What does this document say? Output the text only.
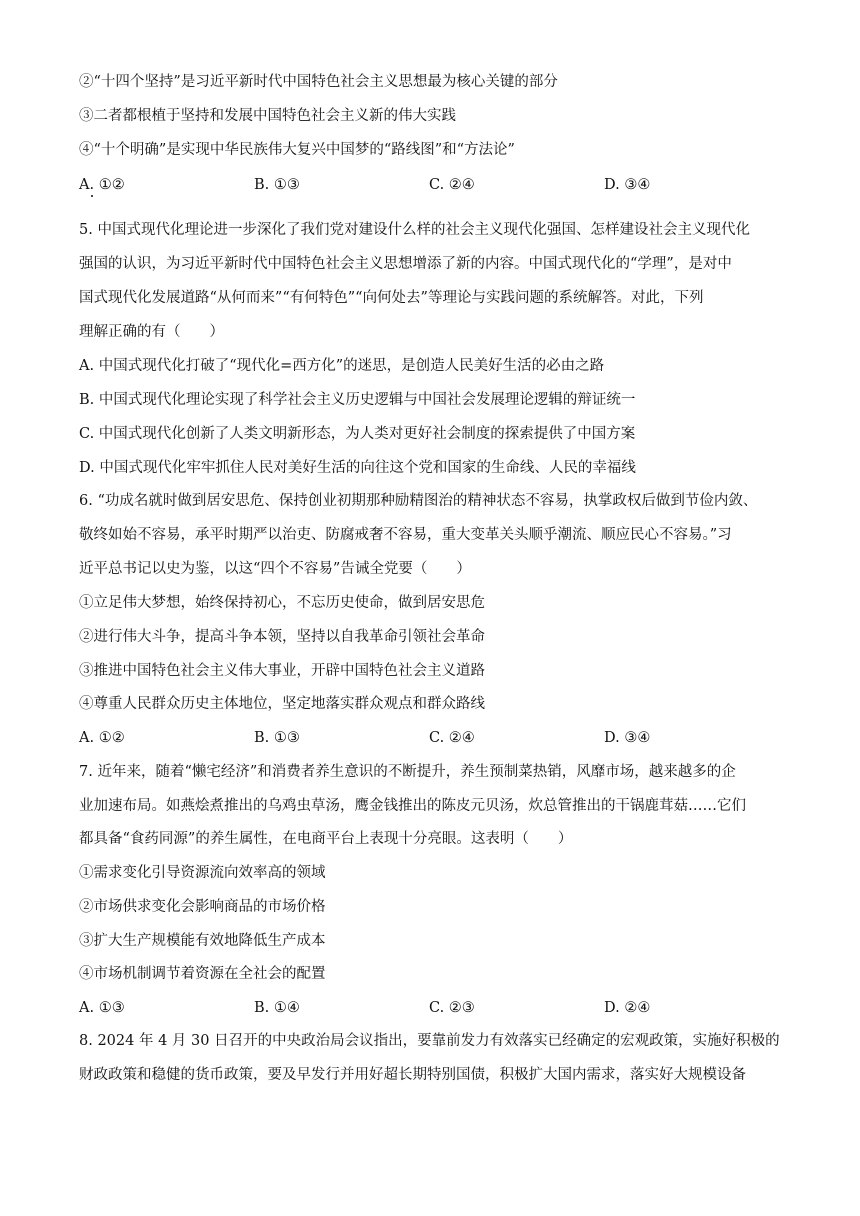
②“十四个坚持”是习近平新时代中国特色社会主义思想最为核心关键的部分
③二者都根植于坚持和发展中国特色社会主义新的伟大实践
④“十个明确”是实现中华民族伟大复兴中国梦的“路线图”和“方法论”
A. ①②	B. ①③	C. ②④	D. ③④
5. 中国式现代化理论进一步深化了我们党对建设什么样的社会主义现代化强国、怎样建设社会主义现代化
强国的认识，为习近平新时代中国特色社会主义思想增添了新的内容。中国式现代化的“学理”，是对中
国式现代化发展道路“从何而来”“有何特色”“向何处去”等理论与实践问题的系统解答。对此，下列
理解正确的有（　　）
A. 中国式现代化打破了“现代化=西方化”的迷思，是创造人民美好生活的必由之路
B. 中国式现代化理论实现了科学社会主义历史逻辑与中国社会发展理论逻辑的辩证统一
C. 中国式现代化创新了人类文明新形态，为人类对更好社会制度的探索提供了中国方案
D. 中国式现代化牢牢抓住人民对美好生活的向往这个党和国家的生命线、人民的幸福线
6. “功成名就时做到居安思危、保持创业初期那种励精图治的精神状态不容易，执掌政权后做到节俭内敛、
敬终如始不容易，承平时期严以治吏、防腐戒奢不容易，重大变革关头顺乎潮流、顺应民心不容易。”习
近平总书记以史为鉴，以这“四个不容易”告诫全党要（　　）
①立足伟大梦想，始终保持初心，不忘历史使命，做到居安思危
②进行伟大斗争，提高斗争本领，坚持以自我革命引领社会革命
③推进中国特色社会主义伟大事业，开辟中国特色社会主义道路
④尊重人民群众历史主体地位，坚定地落实群众观点和群众路线
A. ①②	B. ①③	C. ②④	D. ③④
7. 近年来，随着“懒宅经济”和消费者养生意识的不断提升，养生预制菜热销，风靡市场，越来越多的企
业加速布局。如燕烩煮推出的乌鸡虫草汤，鹰金钱推出的陈皮元贝汤，炊总管推出的干锅鹿茸菇……它们
都具备“食药同源”的养生属性，在电商平台上表现十分亮眼。这表明（　　）
①需求变化引导资源流向效率高的领域
②市场供求变化会影响商品的市场价格
③扩大生产规模能有效地降低生产成本
④市场机制调节着资源在全社会的配置
A. ①③	B. ①④	C. ②③	D. ②④
8. 2024 年 4 月 30 日召开的中央政治局会议指出，要靠前发力有效落实已经确定的宏观政策，实施好积极的
财政政策和稳健的货币政策，要及早发行并用好超长期特别国债，积极扩大国内需求，落实好大规模设备
